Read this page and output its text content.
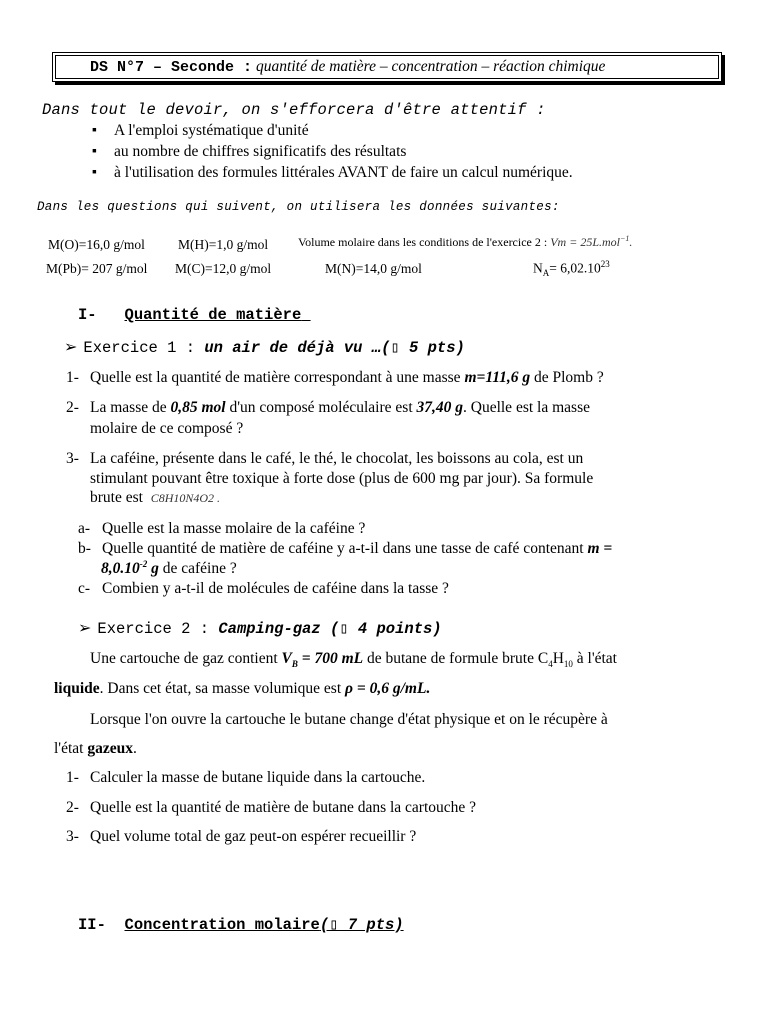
DS N°7 – Seconde : quantité de matière – concentration – réaction chimique
Dans tout le devoir, on s'efforcera d'être attentif :
▪ A l'emploi systématique d'unité
▪ au nombre de chiffres significatifs des résultats
▪ à l'utilisation des formules littérales AVANT de faire un calcul numérique.
Dans les questions qui suivent, on utilisera les données suivantes:
M(O)=16,0 g/mol M(H)=1,0 g/mol Volume molaire dans les conditions de l'exercice 2 : Vm = 25L.mol$^{-1}$.
M(Pb)= 207 g/mol M(C)=12,0 g/mol	M(N)=14,0 g/mol	$N_A= 6,02.10^{23}$
I- Quantité de matière
➢ Exercice 1 : un air de déjà vu …(▯ 5 pts)
1- Quelle est la quantité de matière correspondant à une masse m=111,6 g de Plomb ?
2- La masse de 0,85 mol d'un composé moléculaire est 37,40 g. Quelle est la masse
molaire de ce composé ?
3- La caféine, présente dans le café, le thé, le chocolat, les boissons au cola, est un
stimulant pouvant être toxique à forte dose (plus de 600 mg par jour). Sa formule
brute est C8H10N4O2 .
a- Quelle est la masse molaire de la caféine ?
b- Quelle quantité de matière de caféine y a-t-il dans une tasse de café contenant m =
$8,0.10^{-2}$ g de caféine ?
c- Combien y a-t-il de molécules de caféine dans la tasse ?
➢ Exercice 2 : Camping-gaz (▯ 4 points)
Une cartouche de gaz contient $V_B = 700$ mL de butane de formule brute $C_4H_{10}$ à l'état
liquide. Dans cet état, sa masse volumique est ρ = 0,6 g/mL.
Lorsque l'on ouvre la cartouche le butane change d'état physique et on le récupère à
l'état gazeux.
1- Calculer la masse de butane liquide dans la cartouche.
2- Quelle est la quantité de matière de butane dans la cartouche ?
3- Quel volume total de gaz peut-on espérer recueillir ?
II- Concentration molaire(▯ 7 pts)
